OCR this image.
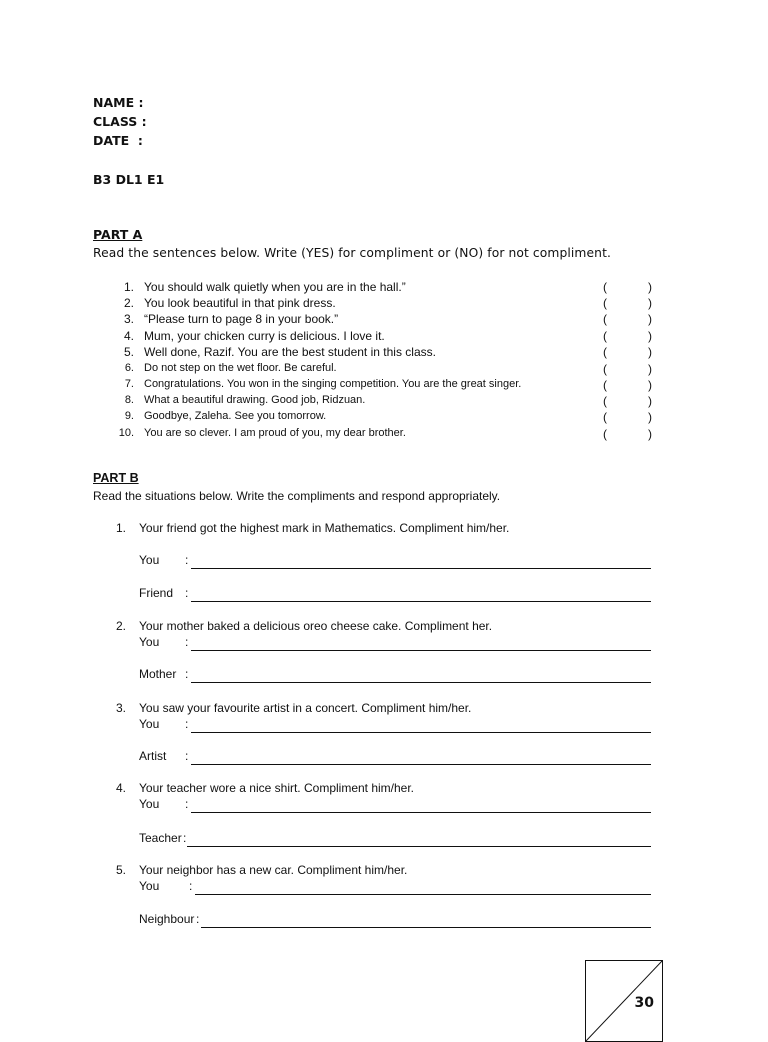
NAME :
CLASS :
DATE :
B3 DL1 E1
PART A
Read the sentences below. Write (YES) for compliment or (NO) for not compliment.
1. You should walk quietly when you are in the hall.”	(	)
2. You look beautiful in that pink dress.	(	)
3. “Please turn to page 8 in your book.”	(	)
4. Mum, your chicken curry is delicious. I love it.	(	)
5. Well done, Razif. You are the best student in this class.	(	)
6. Do not step on the wet floor. Be careful.	(	)
7. Congratulations. You won in the singing competition. You are the great singer.	(	)
8. What a beautiful drawing. Good job, Ridzuan.	(	)
9. Goodbye, Zaleha. See you tomorrow.	(	)
10. You are so clever. I am proud of you, my dear brother.	(	)
PART B
Read the situations below. Write the compliments and respond appropriately.
1. Your friend got the highest mark in Mathematics. Compliment him/her.
You :
Friend :
2. Your mother baked a delicious oreo cheese cake. Compliment her.
You :
Mother :
3. You saw your favourite artist in a concert. Compliment him/her.
You :
Artist :
4. Your teacher wore a nice shirt. Compliment him/her.
You :
Teacher :
5. Your neighbor has a new car. Compliment him/her.
You :
Neighbour :
30
